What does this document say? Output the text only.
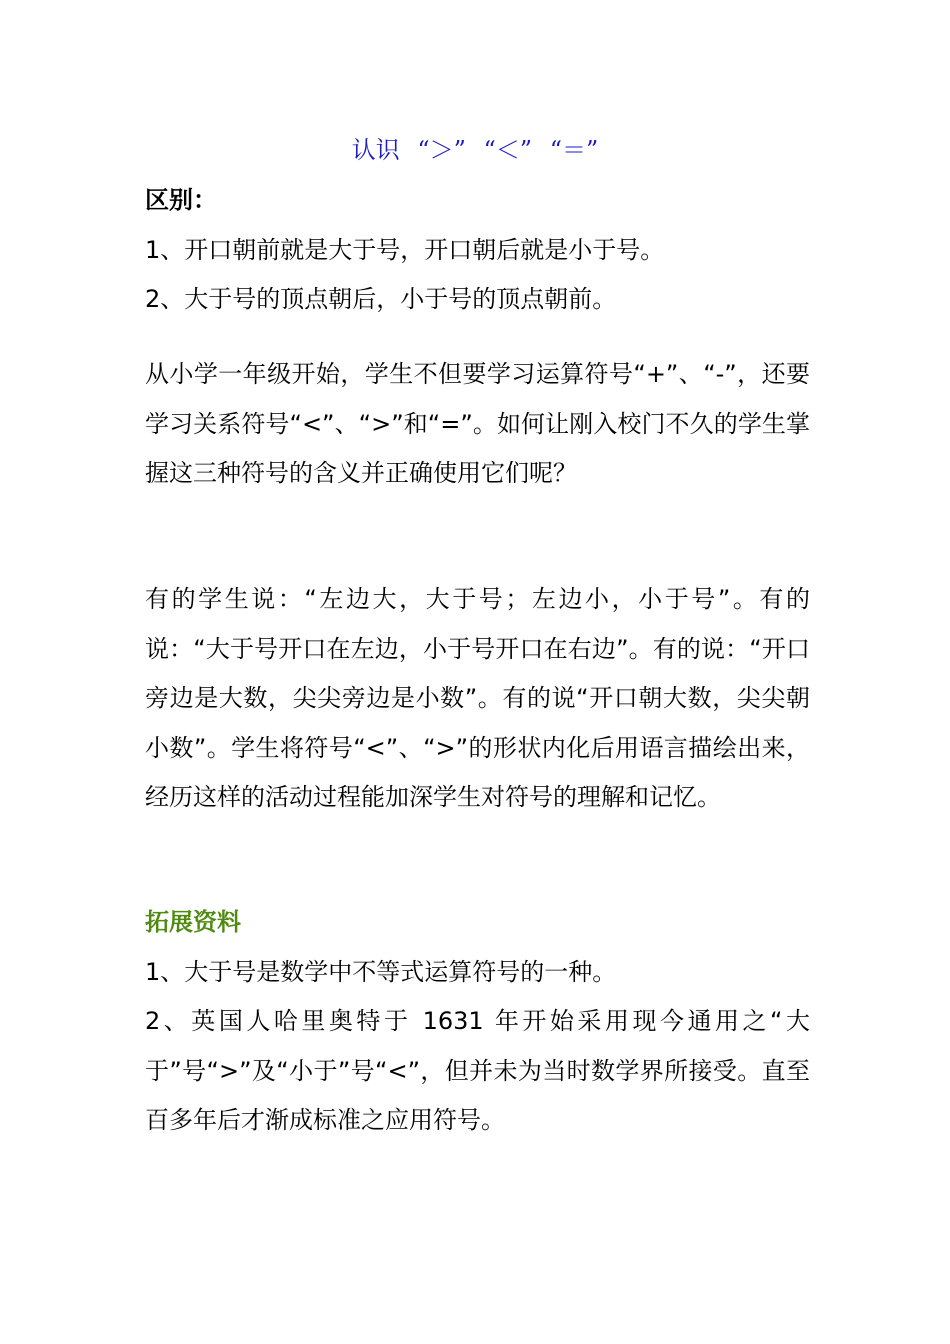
认识 “＞” “＜” “＝”

区别：

1、开口朝前就是大于号，开口朝后就是小于号。

2、大于号的顶点朝后，小于号的顶点朝前。

从小学一年级开始，学生不但要学习运算符号“+”、“-”，还要学习关系符号“<”、“>”和“=”。如何让刚入校门不久的学生掌握这三种符号的含义并正确使用它们呢？

有的学生说：“左边大，大于号；左边小，小于号”。有的说：“大于号开口在左边，小于号开口在右边”。有的说：“开口旁边是大数，尖尖旁边是小数”。有的说“开口朝大数，尖尖朝小数”。学生将符号“<”、“>”的形状内化后用语言描绘出来，经历这样的活动过程能加深学生对符号的理解和记忆。

拓展资料

1、大于号是数学中不等式运算符号的一种。

2、英国人哈里奥特于 1631 年开始采用现今通用之“大于”号“>”及“小于”号“<”，但并未为当时数学界所接受。直至百多年后才渐成标准之应用符号。
